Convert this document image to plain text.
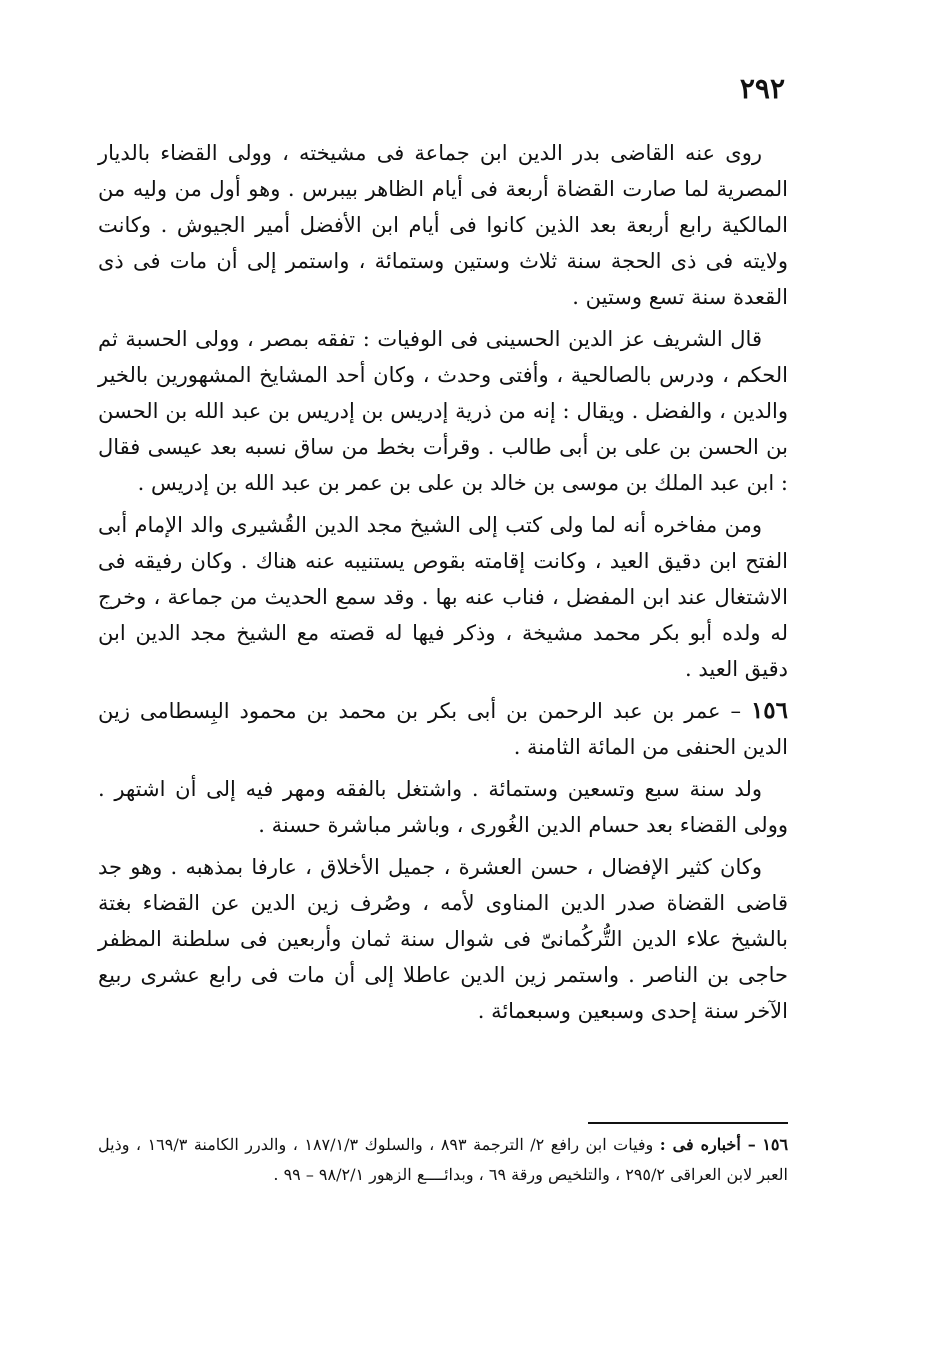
٢٩٢

روى عنه القاضى بدر الدين ابن جماعة فى مشيخته ، وولى القضاء بالديار المصرية لما صارت القضاة أربعة فى أيام الظاهر بيبرس . وهو أول من وليه من المالكية رابع أربعة بعد الذين كانوا فى أيام ابن الأفضل أمير الجيوش . وكانت ولايته فى ذى الحجة سنة ثلاث وستين وستمائة ، واستمر إلى أن مات فى ذى القعدة سنة تسع وستين .

قال الشريف عز الدين الحسينى فى الوفيات : تفقه بمصر ، وولى الحسبة ثم الحكم ، ودرس بالصالحية ، وأفتى وحدث ، وكان أحد المشايخ المشهورين بالخير والدين ، والفضل . ويقال : إنه من ذرية إدريس بن إدريس بن عبد الله بن الحسن بن الحسن بن على بن أبى طالب . وقرأت بخط من ساق نسبه بعد عيسى فقال : ابن عبد الملك بن موسى بن خالد بن على بن عمر بن عبد الله بن إدريس .

ومن مفاخره أنه لما ولى كتب إلى الشيخ مجد الدين القُشيرى والد الإمام أبى الفتح ابن دقيق العيد ، وكانت إقامته بقوص يستنيبه عنه هناك . وكان رفيقه فى الاشتغال عند ابن المفضل ، فناب عنه بها . وقد سمع الحديث من جماعة ، وخرج له ولده أبو بكر محمد مشيخة ، وذكر فيها له قصته مع الشيخ مجد الدين ابن دقيق العيد .

١٥٦ – عمر بن عبد الرحمن بن أبى بكر بن محمد بن محمود البِسطامى زين الدين الحنفى من المائة الثامنة .

ولد سنة سبع وتسعين وستمائة . واشتغل بالفقه ومهر فيه إلى أن اشتهر . وولى القضاء بعد حسام الدين الغُورى ، وباشر مباشرة حسنة .

وكان كثير الإفضال ، حسن العشرة ، جميل الأخلاق ، عارفا بمذهبه . وهو جد قاضى القضاة صدر الدين المناوى لأمه ، وصُرف زين الدين عن القضاء بغتة بالشيخ علاء الدين التُّركُمانىّ فى شوال سنة ثمان وأربعين فى سلطنة المظفر حاجى بن الناصر . واستمر زين الدين عاطلا إلى أن مات فى رابع عشرى ربيع الآخر سنة إحدى وسبعين وسبعمائة .

١٥٦ – أخباره فى : وفيات ابن رافع ٢/ الترجمة ٨٩٣ ، والسلوك ١٨٧/١/٣ ، والدرر الكامنة ١٦٩/٣ ، وذيل العبر لابن العراقى ٢٩٥/٢ ، والتلخيص ورقة ٦٩ ، وبدائــــع الزهور ٩٨/٢/١ – ٩٩ .
